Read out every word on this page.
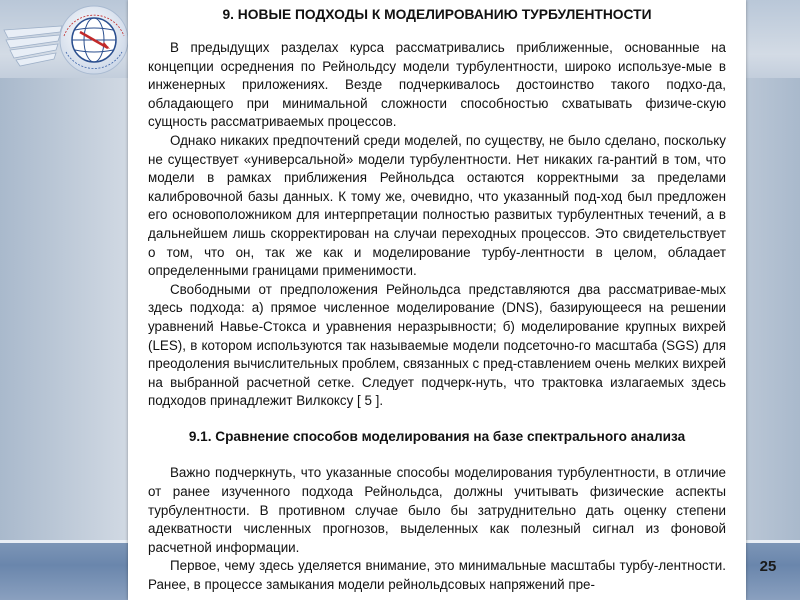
9. НОВЫЕ ПОДХОДЫ К МОДЕЛИРОВАНИЮ ТУРБУЛЕНТНОСТИ

В предыдущих разделах курса рассматривались приближенные, основанные на концепции осреднения по Рейнольдсу модели турбулентности, широко используе-мые в инженерных приложениях. Везде подчеркивалось достоинство такого подхо-да, обладающего при минимальной сложности способностью схватывать физиче-скую сущность рассматриваемых процессов.

Однако никаких предпочтений среди моделей, по существу, не было сделано, поскольку не существует «универсальной» модели турбулентности. Нет никаких га-рантий в том, что модели в рамках приближения Рейнольдса остаются корректными за пределами калибровочной базы данных. К тому же, очевидно, что указанный под-ход был предложен его основоположником для интерпретации полностью развитых турбулентных течений, а в дальнейшем лишь скорректирован на случаи переходных процессов. Это свидетельствует о том, что он, так же как и моделирование турбу-лентности в целом, обладает определенными границами применимости.

Свободными от предположения Рейнольдса представляются два рассматривае-мых здесь подхода: а) прямое численное моделирование (DNS), базирующееся на решении уравнений Навье-Стокса и уравнения неразрывности; б) моделирование крупных вихрей (LES), в котором используются так называемые модели подсеточно-го масштаба (SGS) для преодоления вычислительных проблем, связанных с пред-ставлением очень мелких вихрей на выбранной расчетной сетке. Следует подчерк-нуть, что трактовка излагаемых здесь подходов принадлежит Вилкоксу [ 5 ].

9.1. Сравнение способов моделирования на базе спектрального анализа

Важно подчеркнуть, что указанные способы моделирования турбулентности, в отличие от ранее изученного подхода Рейнольдса, должны учитывать физические аспекты турбулентности. В противном случае было бы затруднительно дать оценку степени адекватности численных прогнозов, выделенных как полезный сигнал из фоновой расчетной информации.

Первое, чему здесь уделяется внимание, это минимальные масштабы турбу-лентности. Ранее, в процессе замыкания модели рейнольдсовых напряжений пре-

25
